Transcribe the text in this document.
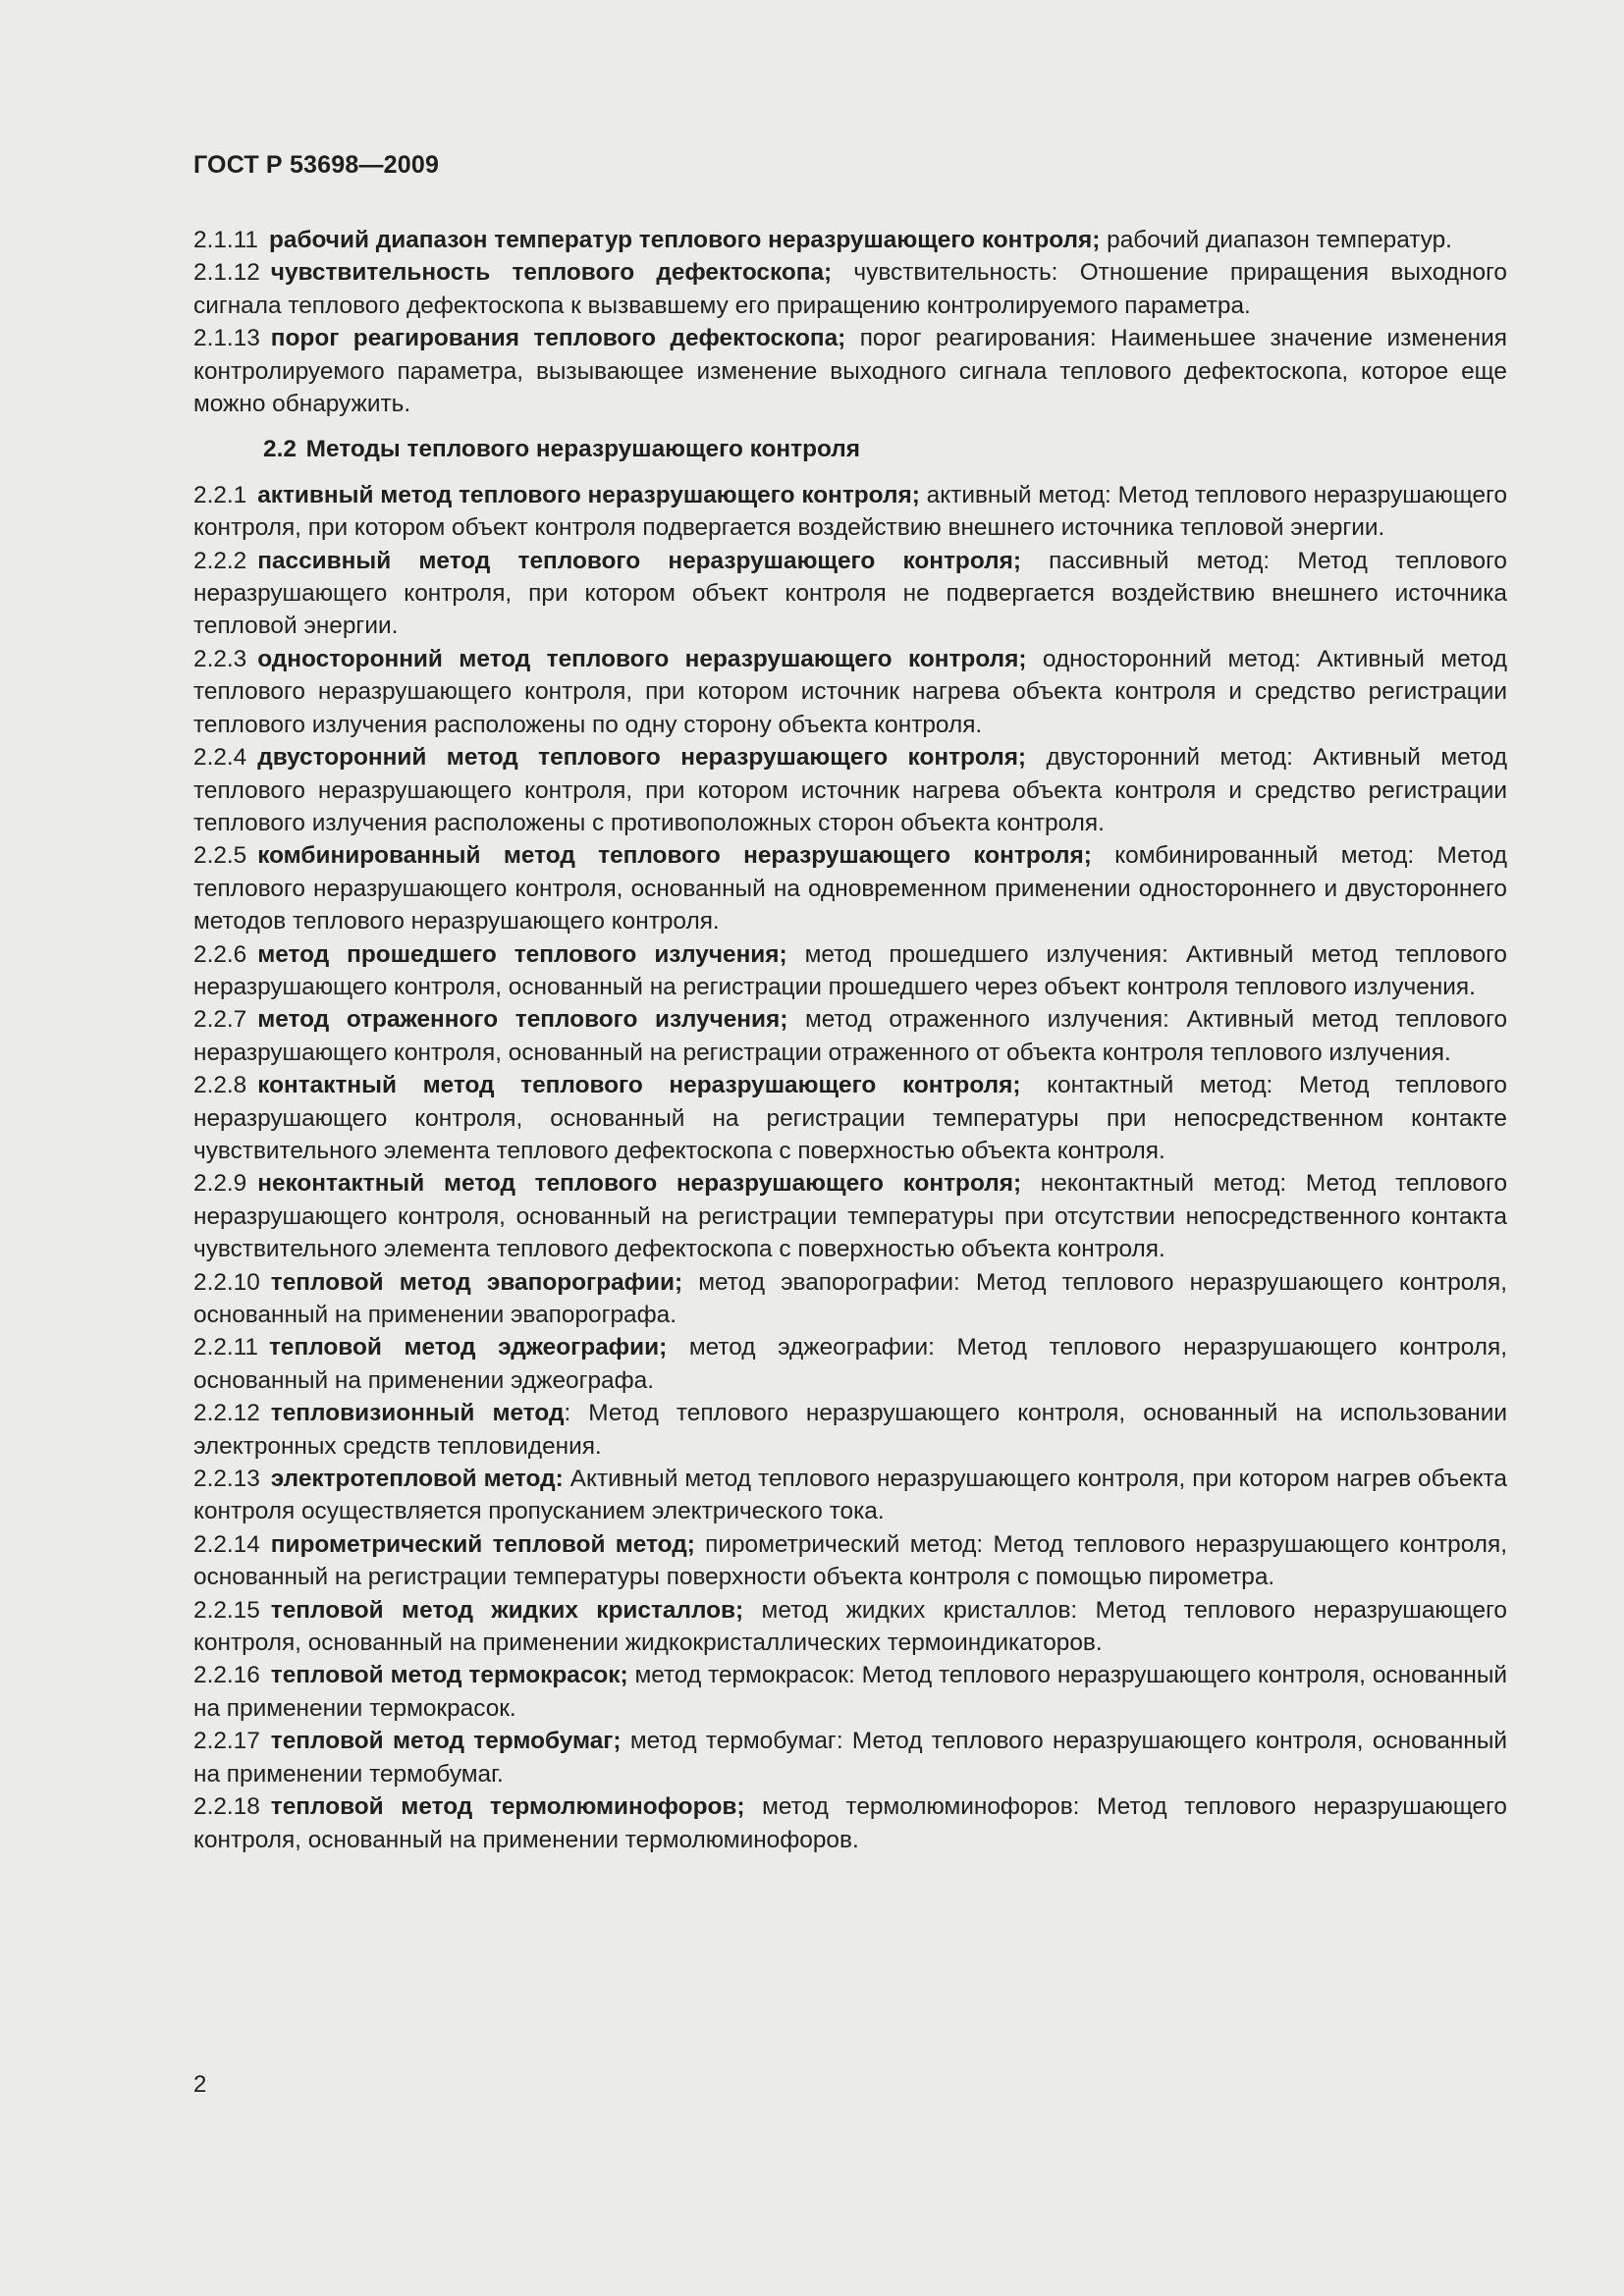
ГОСТ Р 53698—2009

2.1.11 рабочий диапазон температур теплового неразрушающего контроля; рабочий диапазон температур.

2.1.12 чувствительность теплового дефектоскопа; чувствительность: Отношение приращения выходного сигнала теплового дефектоскопа к вызвавшему его приращению контролируемого параметра.

2.1.13 порог реагирования теплового дефектоскопа; порог реагирования: Наименьшее значение изменения контролируемого параметра, вызывающее изменение выходного сигнала теплового дефектоскопа, которое еще можно обнаружить.

2.2 Методы теплового неразрушающего контроля

2.2.1 активный метод теплового неразрушающего контроля; активный метод: Метод теплового неразрушающего контроля, при котором объект контроля подвергается воздействию внешнего источника тепловой энергии.

2.2.2 пассивный метод теплового неразрушающего контроля; пассивный метод: Метод теплового неразрушающего контроля, при котором объект контроля не подвергается воздействию внешнего источника тепловой энергии.

2.2.3 односторонний метод теплового неразрушающего контроля; односторонний метод: Активный метод теплового неразрушающего контроля, при котором источник нагрева объекта контроля и средство регистрации теплового излучения расположены по одну сторону объекта контроля.

2.2.4 двусторонний метод теплового неразрушающего контроля; двусторонний метод: Активный метод теплового неразрушающего контроля, при котором источник нагрева объекта контроля и средство регистрации теплового излучения расположены с противоположных сторон объекта контроля.

2.2.5 комбинированный метод теплового неразрушающего контроля; комбинированный метод: Метод теплового неразрушающего контроля, основанный на одновременном применении одностороннего и двустороннего методов теплового неразрушающего контроля.

2.2.6 метод прошедшего теплового излучения; метод прошедшего излучения: Активный метод теплового неразрушающего контроля, основанный на регистрации прошедшего через объект контроля теплового излучения.

2.2.7 метод отраженного теплового излучения; метод отраженного излучения: Активный метод теплового неразрушающего контроля, основанный на регистрации отраженного от объекта контроля теплового излучения.

2.2.8 контактный метод теплового неразрушающего контроля; контактный метод: Метод теплового неразрушающего контроля, основанный на регистрации температуры при непосредственном контакте чувствительного элемента теплового дефектоскопа с поверхностью объекта контроля.

2.2.9 неконтактный метод теплового неразрушающего контроля; неконтактный метод: Метод теплового неразрушающего контроля, основанный на регистрации температуры при отсутствии непосредственного контакта чувствительного элемента теплового дефектоскопа с поверхностью объекта контроля.

2.2.10 тепловой метод эвапорографии; метод эвапорографии: Метод теплового неразрушающего контроля, основанный на применении эвапорографа.

2.2.11 тепловой метод эджеографии; метод эджеографии: Метод теплового неразрушающего контроля, основанный на применении эджеографа.

2.2.12 тепловизионный метод: Метод теплового неразрушающего контроля, основанный на использовании электронных средств тепловидения.

2.2.13 электротепловой метод: Активный метод теплового неразрушающего контроля, при котором нагрев объекта контроля осуществляется пропусканием электрического тока.

2.2.14 пирометрический тепловой метод; пирометрический метод: Метод теплового неразрушающего контроля, основанный на регистрации температуры поверхности объекта контроля с помощью пирометра.

2.2.15 тепловой метод жидких кристаллов; метод жидких кристаллов: Метод теплового неразрушающего контроля, основанный на применении жидкокристаллических термоиндикаторов.

2.2.16 тепловой метод термокрасок; метод термокрасок: Метод теплового неразрушающего контроля, основанный на применении термокрасок.

2.2.17 тепловой метод термобумаг; метод термобумаг: Метод теплового неразрушающего контроля, основанный на применении термобумаг.

2.2.18 тепловой метод термолюминофоров; метод термолюминофоров: Метод теплового неразрушающего контроля, основанный на применении термолюминофоров.

2
